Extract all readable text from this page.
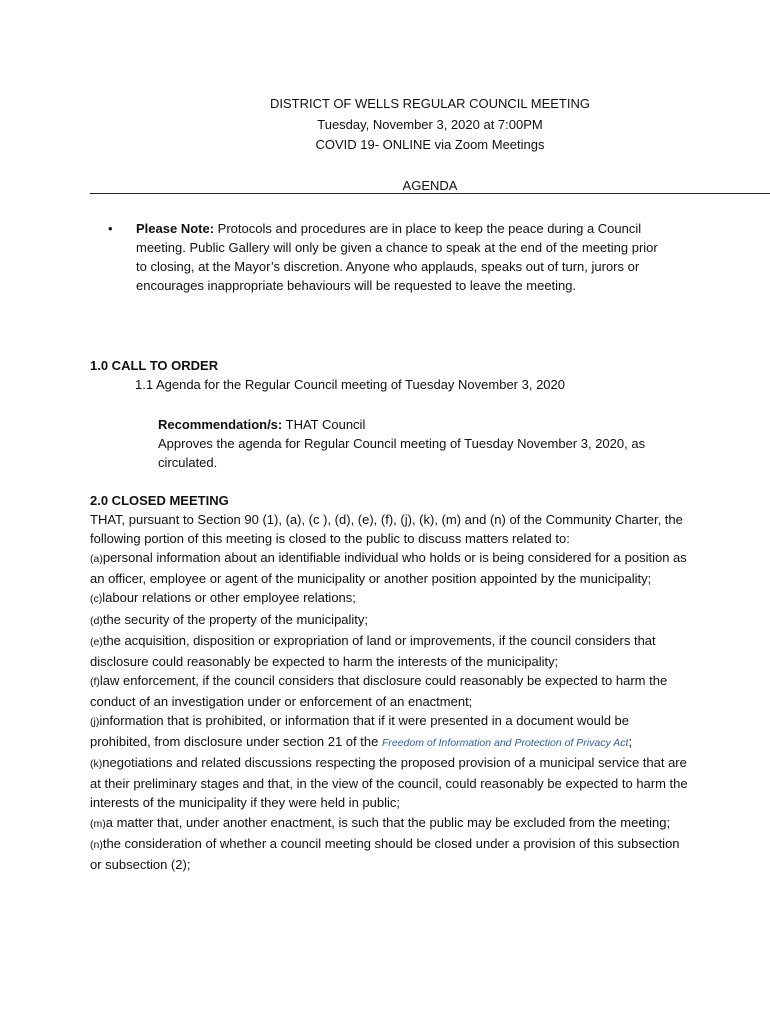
DISTRICT OF WELLS REGULAR COUNCIL MEETING
Tuesday, November 3, 2020 at 7:00PM
COVID 19- ONLINE via Zoom Meetings
AGENDA
• Please Note: Protocols and procedures are in place to keep the peace during a Council meeting. Public Gallery will only be given a chance to speak at the end of the meeting prior to closing, at the Mayor’s discretion. Anyone who applauds, speaks out of turn, jurors or encourages inappropriate behaviours will be requested to leave the meeting.
1.0 CALL TO ORDER
1.1 Agenda for the Regular Council meeting of Tuesday November 3, 2020
Recommendation/s: THAT Council
Approves the agenda for Regular Council meeting of Tuesday November 3, 2020, as circulated.

2.0 CLOSED MEETING

THAT, pursuant to Section 90 (1), (a), (c ), (d), (e), (f), (j), (k), (m) and (n) of the Community Charter, the following portion of this meeting is closed to the public to discuss matters related to:

(a)personal information about an identifiable individual who holds or is being considered for a position as an officer, employee or agent of the municipality or another position appointed by the municipality;

(c)labour relations or other employee relations;

(d)the security of the property of the municipality;

(e)the acquisition, disposition or expropriation of land or improvements, if the council considers that disclosure could reasonably be expected to harm the interests of the municipality;

(f)law enforcement, if the council considers that disclosure could reasonably be expected to harm the conduct of an investigation under or enforcement of an enactment;

(j)information that is prohibited, or information that if it were presented in a document would be prohibited, from disclosure under section 21 of the Freedom of Information and Protection of Privacy Act;

(k)negotiations and related discussions respecting the proposed provision of a municipal service that are at their preliminary stages and that, in the view of the council, could reasonably be expected to harm the interests of the municipality if they were held in public;

(m)a matter that, under another enactment, is such that the public may be excluded from the meeting;

(n)the consideration of whether a council meeting should be closed under a provision of this subsection or subsection (2);
